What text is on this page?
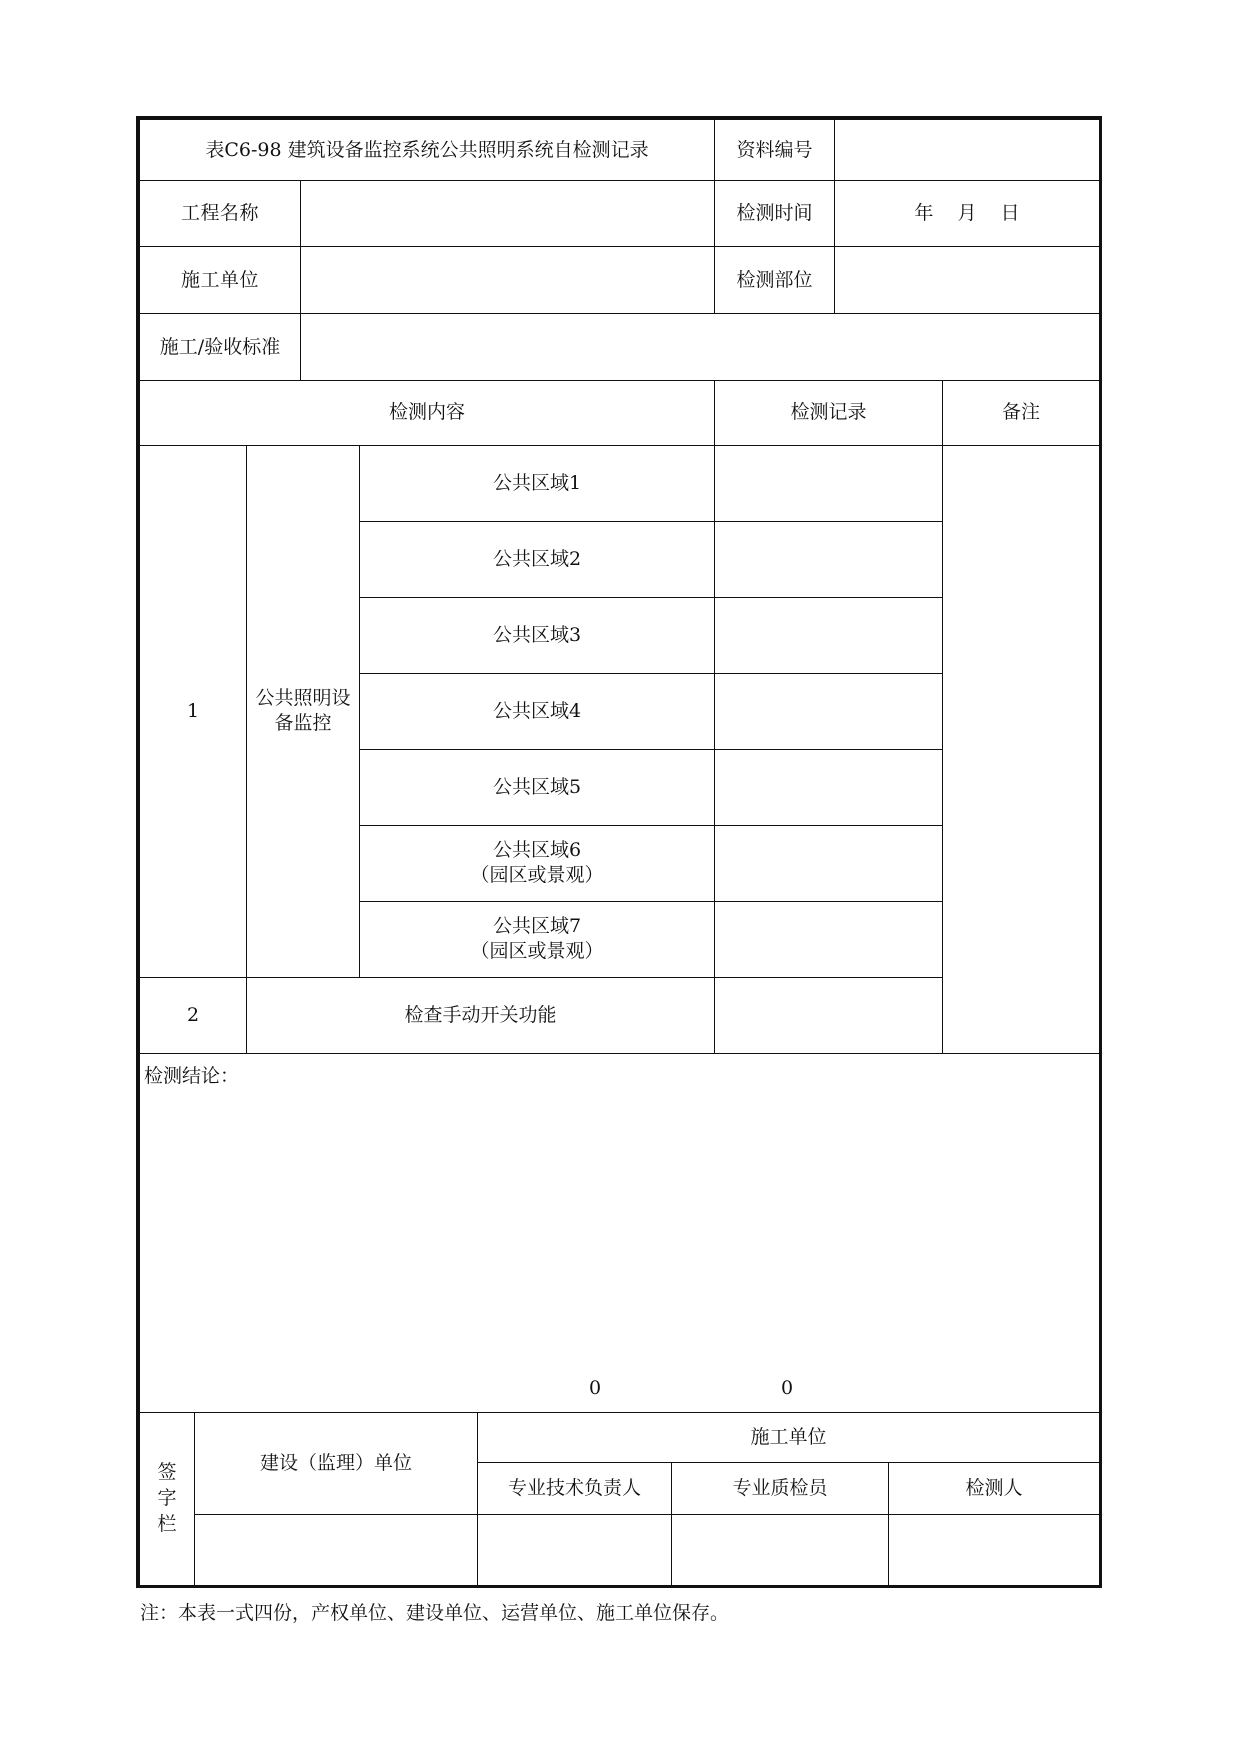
表C6-98 建筑设备监控系统公共照明系统自检测记录		资料编号	
工程名称		检测时间	年    月    日
施工单位		检测部位	
施工/验收标准			
检测内容			检测记录	备注
1	公共照明设备监控	公共区域1		

		公共区域2		

		公共区域3		

		公共区域4		

		公共区域5		

		公共区域6
（园区或景观）		

		公共区域7
（园区或景观）		

2	检查手动开关功能			

检测结论：
0 0				
签字栏	建设（监理）单位	施工单位		
		专业技术负责人	专业质检员	检测人

注：本表一式四份，产权单位、建设单位、运营单位、施工单位保存。
